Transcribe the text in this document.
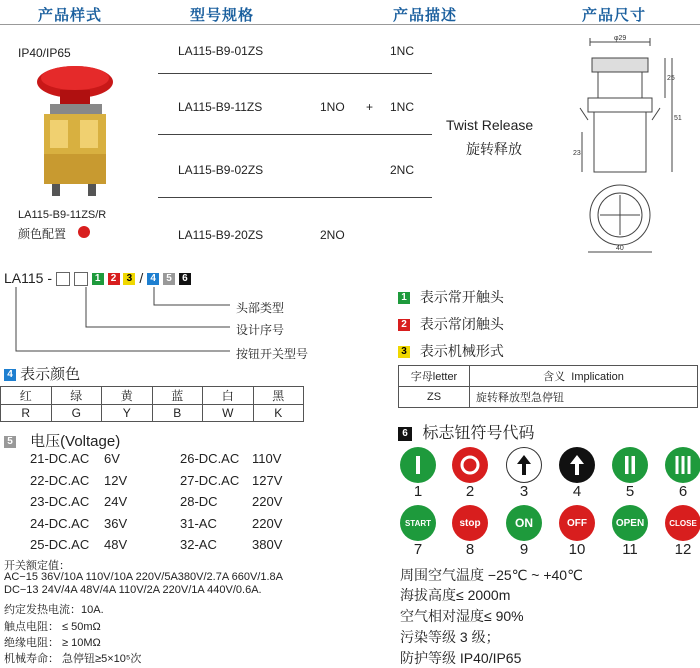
产品样式	型号规格	产品描述	产品尺寸
IP40/IP65
LA115-B9-11ZS/R
颜色配置
LA115-B9-01ZS	1NC
LA115-B9-11ZS	1NO + 1NC
LA115-B9-02ZS	2NC
LA115-B9-20ZS	2NO
Twist Release
旋转释放
φ29
25
51
23
40
LA115 -	1 2 3 / 4 5 6
头部类型
设计序号
按钮开关型号
4 表示颜色
红	绿	黄	蓝	白	黑
R	G	Y	B	W	K
5 电压(Voltage)
21-DC.AC 6V	26-DC.AC 110V
22-DC.AC 12V	27-DC.AC 127V
23-DC.AC 24V	28-DC	220V
24-DC.AC 36V	31-AC	220V
25-DC.AC 48V	32-AC	380V
开关额定值：
AC−15 36V/10A 110V/10A 220V/5A380V/2.7A 660V/1.8A
DC−13 24V/4A 48V/4A 110V/2A 220V/1A 440V/0.6A.
约定发热电流：10A.
触点电阻： ≤ 50mΩ
绝缘电阻： ≥ 10MΩ
机械寿命： 急停钮≥5×10⁵次
1 表示常开触头
2 表示常闭触头
3 表示机械形式
字母letter	含义 Implication
ZS	旋转释放型急停钮
6 标志钮符号代码
1	2	3	4	5	6
START
7
stop
8
ON
9
OFF
10
OPEN
11
CLOSE
12
周围空气温度 −25℃ ~ +40℃
海拔高度≤ 2000m
空气相对湿度≤ 90%
污染等级 3 级；
防护等级 IP40/IP65
